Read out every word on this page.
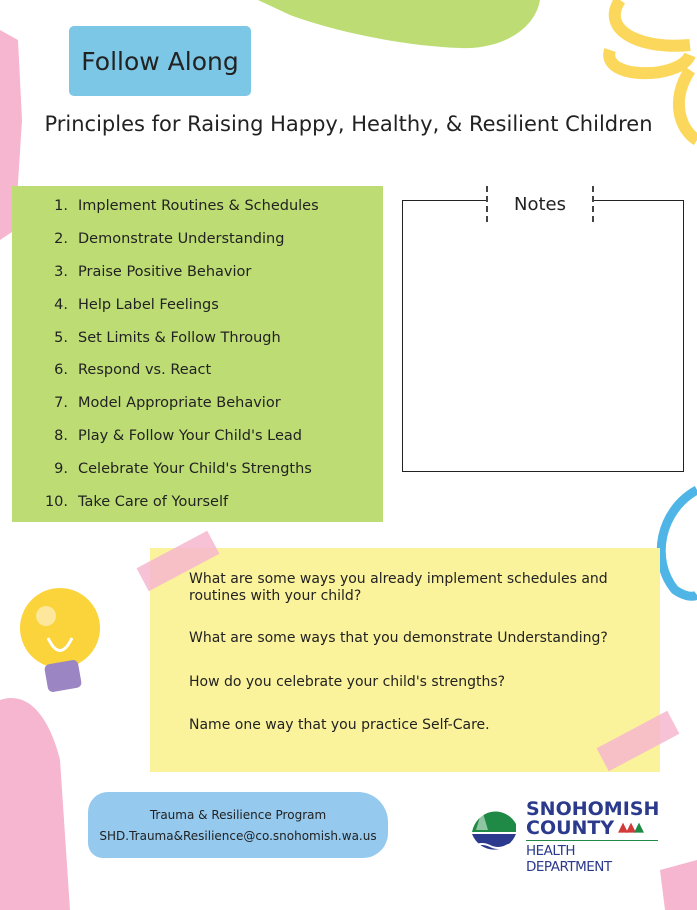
Follow Along
Principles for Raising Happy, Healthy, & Resilient Children
1. Implement Routines & Schedules
2. Demonstrate Understanding
3. Praise Positive Behavior
4. Help Label Feelings
5. Set Limits & Follow Through
6. Respond vs. React
7. Model Appropriate Behavior
8. Play & Follow Your Child's Lead
9. Celebrate Your Child's Strengths
10. Take Care of Yourself
Notes
What are some ways you already implement schedules and routines with your child?
What are some ways that you demonstrate Understanding?
How do you celebrate your child's strengths?
Name one way that you practice Self-Care.
Trauma & Resilience Program
SHD.Trauma&Resilience@co.snohomish.wa.us
SNOHOMISH
COUNTY ▲▲▲
HEALTH DEPARTMENT
